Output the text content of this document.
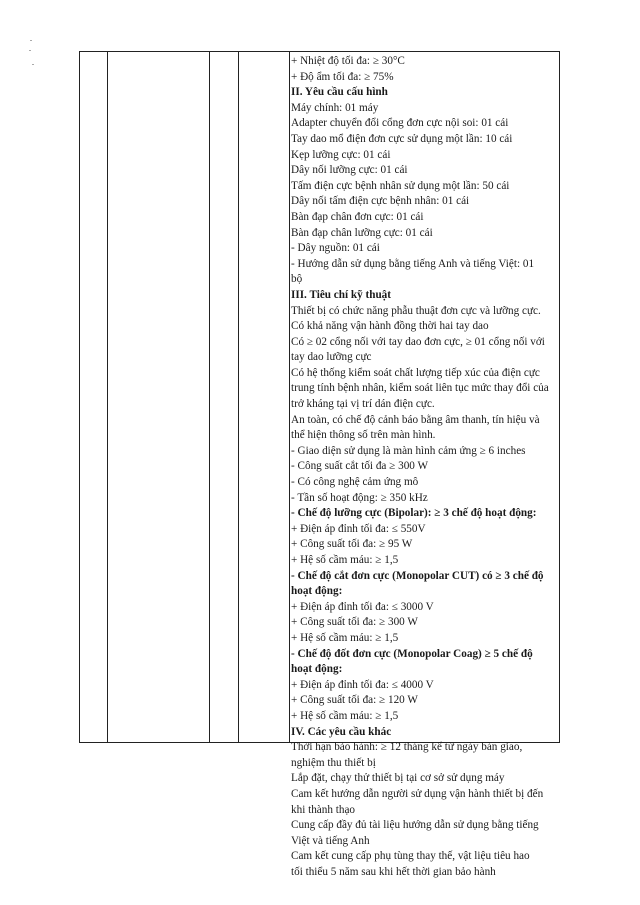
+ Nhiệt độ tối đa: ≥ 30°C
+ Độ ẩm tối đa: ≥ 75%
II. Yêu cầu cấu hình
Máy chính: 01 máy
Adapter chuyển đổi cổng đơn cực nội soi: 01 cái
Tay dao mổ điện đơn cực sử dụng một lần: 10 cái
Kẹp lưỡng cực: 01 cái
Dây nối lưỡng cực: 01 cái
Tấm điện cực bệnh nhân sử dụng một lần: 50 cái
Dây nối tấm điện cực bệnh nhân: 01 cái
Bàn đạp chân đơn cực: 01 cái
Bàn đạp chân lưỡng cực: 01 cái
- Dây nguồn: 01 cái
- Hướng dẫn sử dụng bằng tiếng Anh và tiếng Việt: 01
bộ
III. Tiêu chí kỹ thuật
Thiết bị có chức năng phẫu thuật đơn cực và lưỡng cực.
Có khả năng vận hành đồng thời hai tay dao
Có ≥ 02 cổng nối với tay dao đơn cực, ≥ 01 cổng nối với
tay dao lưỡng cực
Có hệ thống kiểm soát chất lượng tiếp xúc của điện cực
trung tính bệnh nhân, kiểm soát liên tục mức thay đổi của
trở kháng tại vị trí dán điện cực.
An toàn, có chế độ cảnh báo bằng âm thanh, tín hiệu và
thể hiện thông số trên màn hình.
- Giao diện sử dụng là màn hình cảm ứng ≥ 6 inches
- Công suất cắt tối đa ≥ 300 W
- Có công nghệ cảm ứng mô
- Tần số hoạt động: ≥ 350 kHz
- Chế độ lưỡng cực (Bipolar): ≥ 3 chế độ hoạt động:
+ Điện áp đỉnh tối đa: ≤ 550V
+ Công suất tối đa: ≥ 95 W
+ Hệ số cầm máu: ≥ 1,5
- Chế độ cắt đơn cực (Monopolar CUT) có ≥ 3 chế độ
hoạt động:
+ Điện áp đỉnh tối đa: ≤ 3000 V
+ Công suất tối đa: ≥ 300 W
+ Hệ số cầm máu: ≥ 1,5
- Chế độ đốt đơn cực (Monopolar Coag) ≥ 5 chế độ
hoạt động:
+ Điện áp đỉnh tối đa: ≤ 4000 V
+ Công suất tối đa: ≥ 120 W
+ Hệ số cầm máu: ≥ 1,5
IV. Các yêu cầu khác
Thời hạn bảo hành: ≥ 12 tháng kể từ ngày bàn giao,
nghiệm thu thiết bị
Lắp đặt, chạy thử thiết bị tại cơ sở sử dụng máy
Cam kết hướng dẫn người sử dụng vận hành thiết bị đến
khi thành thạo
Cung cấp đầy đủ tài liệu hướng dẫn sử dụng bằng tiếng
Việt và tiếng Anh
Cam kết cung cấp phụ tùng thay thế, vật liệu tiêu hao
tối thiểu 5 năm sau khi hết thời gian bảo hành
